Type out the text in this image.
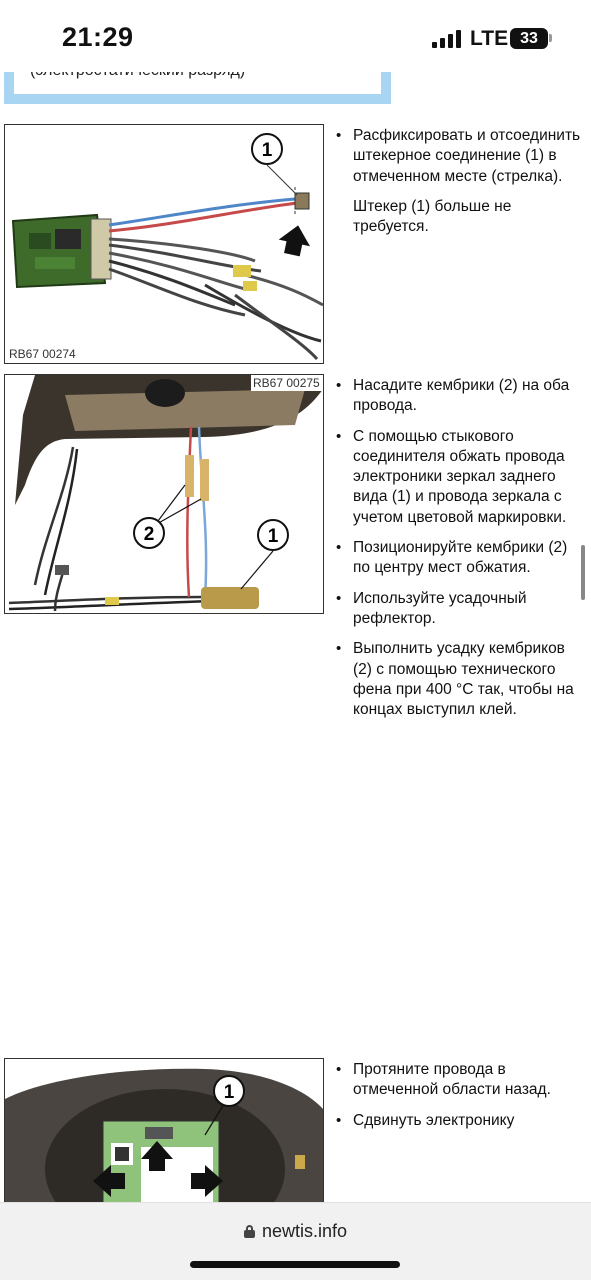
21:29	LTE 33
1
RB67 00274
2	1
RB67 00275
1
• Расфиксировать и отсоединить штекерное соединение (1) в отмеченном месте (стрелка).
Штекер (1) больше не требуется.
• Насадите кембрики (2) на оба провода.
• С помощью стыкового соединителя обжать провода электроники зеркал заднего вида (1) и провода зеркала с учетом цветовой маркировки.
• Позиционируйте кембрики (2) по центру мест обжатия.
• Используйте усадочный рефлектор.
• Выполнить усадку кембриков (2) с помощью технического фена при 400 °C так, чтобы на концах выступил клей.
• Протяните провода в отмеченной области назад.
• Сдвинуть электронику
newtis.info
